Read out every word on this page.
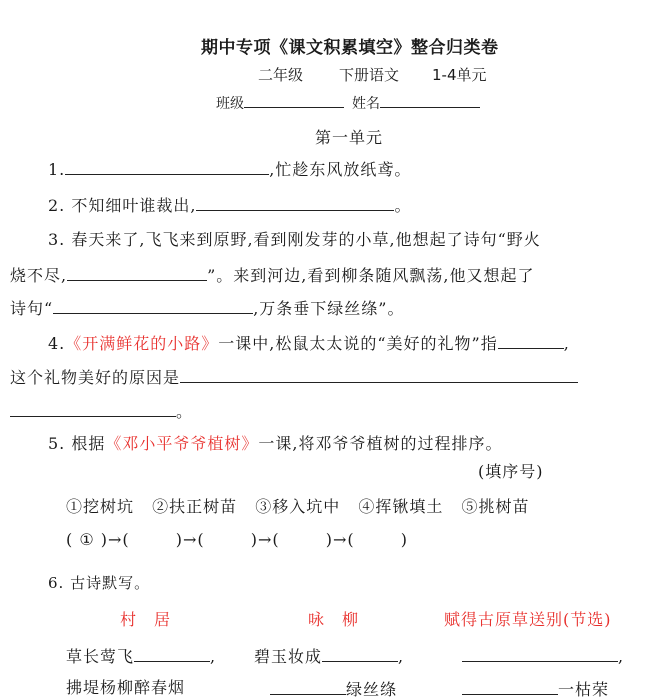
期中专项《课文积累填空》整合归类卷
二年级 下册语文 1-4单元
班级	姓名
第一单元
1.	,忙趁东风放纸鸢。
2. 不知细叶谁裁出,	。
3. 春天来了,飞飞来到原野,看到刚发芽的小草,他想起了诗句“野火
烧不尽,	”。来到河边,看到柳条随风飘荡,他又想起了
诗句“	,万条垂下绿丝绦”。
4.《开满鲜花的小路》一课中,松鼠太太说的“美好的礼物”指	,
这个礼物美好的原因是
。
5. 根据《邓小平爷爷植树》一课,将邓爷爷植树的过程排序。
(填序号)
①挖树坑 ②扶正树苗 ③移入坑中 ④挥锹填土 ⑤挑树苗
( ① )→(	)→(	)→(	)→(	)
6. 古诗默写。
村　居	咏　柳	赋得古原草送别(节选)
草长莺飞	, 碧玉妆成	,	,
拂堤杨柳醉春烟	绿丝绦	一枯荣
